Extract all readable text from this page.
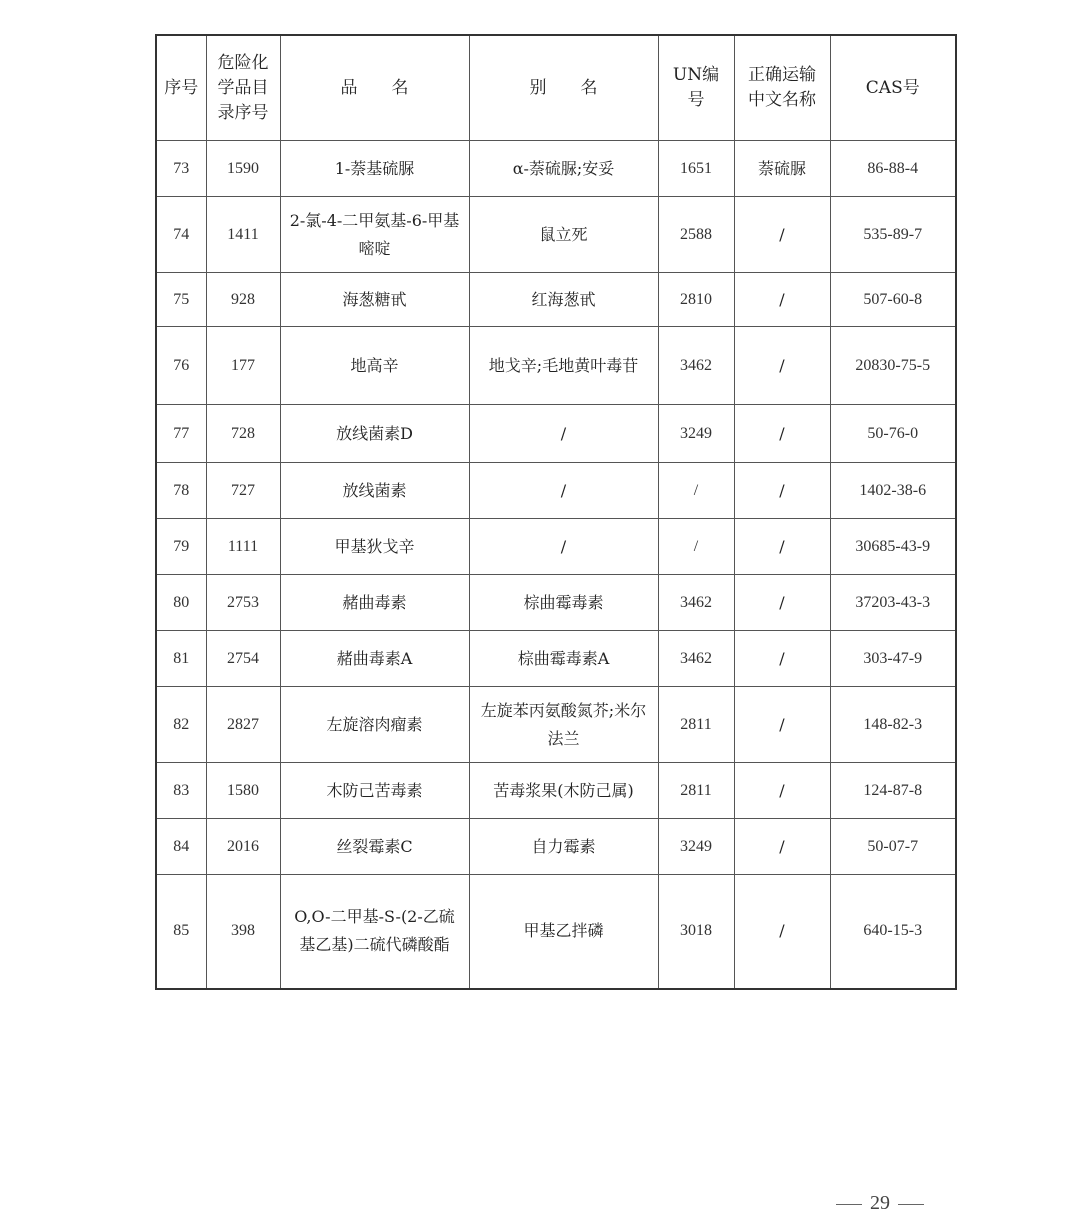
序号	危险化学品目录序号	品　　名	别　　名	UN编号	正确运输中文名称	CAS号
73	1590	1-萘基硫脲	α-萘硫脲;安妥	1651	萘硫脲	86-88-4
74	1411	2-氯-4-二甲氨基-6-甲基嘧啶	鼠立死	2588	/	535-89-7
75	928	海葱糖甙	红海葱甙	2810	/	507-60-8
76	177	地高辛	地戈辛;毛地黄叶毒苷	3462	/	20830-75-5
77	728	放线菌素D	/	3249	/	50-76-0
78	727	放线菌素	/	/	/	1402-38-6
79	1111	甲基狄戈辛	/	/	/	30685-43-9
80	2753	赭曲毒素	棕曲霉毒素	3462	/	37203-43-3
81	2754	赭曲毒素A	棕曲霉毒素A	3462	/	303-47-9
82	2827	左旋溶肉瘤素	左旋苯丙氨酸氮芥;米尔法兰	2811	/	148-82-3
83	1580	木防己苦毒素	苦毒浆果(木防己属)	2811	/	124-87-8
84	2016	丝裂霉素C	自力霉素	3249	/	50-07-7
85	398	O,O-二甲基-S-(2-乙硫基乙基)二硫代磷酸酯	甲基乙拌磷	3018	/	640-15-3
29
